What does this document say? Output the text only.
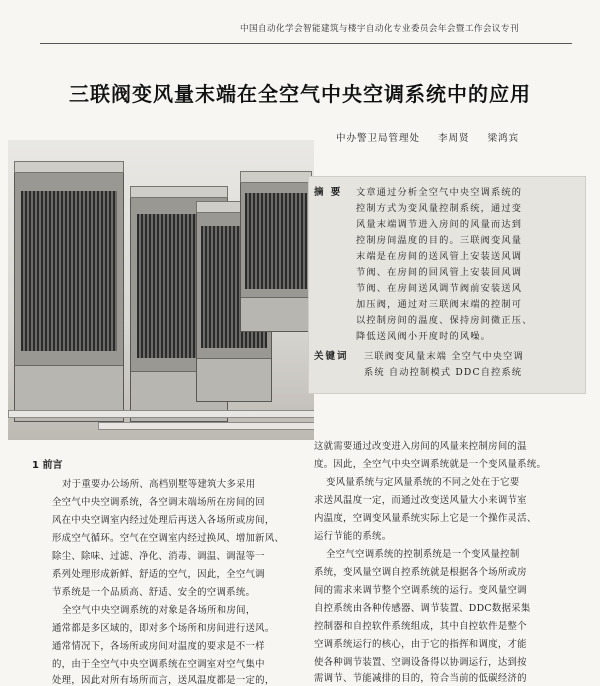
中国自动化学会智能建筑与楼宇自动化专业委员会年会暨工作会议专刊
三联阀变风量末端在全空气中央空调系统中的应用
中办警卫局管理处 李周贤 梁鸿宾
摘 要 文章通过分析全空气中央空调系统的
控制方式为变风量控制系统，通过变
风量末端调节进入房间的风量而达到
控制房间温度的目的。三联阀变风量
末端是在房间的送风管上安装送风调
节阀、在房间的回风管上安装回风调
节阀、在房间送风调节阀前安装送风
加压阀，通过对三联阀末端的控制可
以控制房间的温度、保持房间微正压、
降低送风阀小开度时的风噪。
关键词 三联阀变风量末端 全空气中央空调
系统 自动控制模式 DDC自控系统
1 前言
对于重要办公场所、高档别墅等建筑大多采用
全空气中央空调系统，各空调末端场所在房间的回
风在中央空调室内经过处理后再送入各场所或房间，
形成空气循环。空气在空调室内经过换风、增加新风、
除尘、除味、过滤、净化、消毒、调温、调湿等一
系列处理形成新鲜、舒适的空气，因此，全空气调
节系统是一个品质高、舒适、安全的空调系统。
全空气中央空调系统的对象是各场所和房间，
通常都是多区域的，即对多个场所和房间进行送风。
通常情况下，各场所或房间对温度的要求是不一样
的，由于全空气中央空调系统在空调室对空气集中
处理，因此对所有场所而言，送风温度都是一定的，
这就需要通过改变进入房间的风量来控制房间的温
度。因此，全空气中央空调系统就是一个变风量系统。
变风量系统与定风量系统的不同之处在于它要
求送风温度一定，而通过改变送风量大小来调节室
内温度，空调变风量系统实际上它是一个操作灵活、
运行节能的系统。
全空气空调系统的控制系统是一个变风量控制
系统，变风量空调自控系统就是根据各个场所或房
间的需求来调节整个空调系统的运行。变风量空调
自控系统由各种传感器、调节装置、DDC数据采集
控制器和自控软件系统组成，其中自控软件是整个
空调系统运行的核心，由于它的指挥和调度，才能
使各种调节装置、空调设备得以协调运行，达到按
需调节、节能减排的目的，符合当前的低碳经济的
